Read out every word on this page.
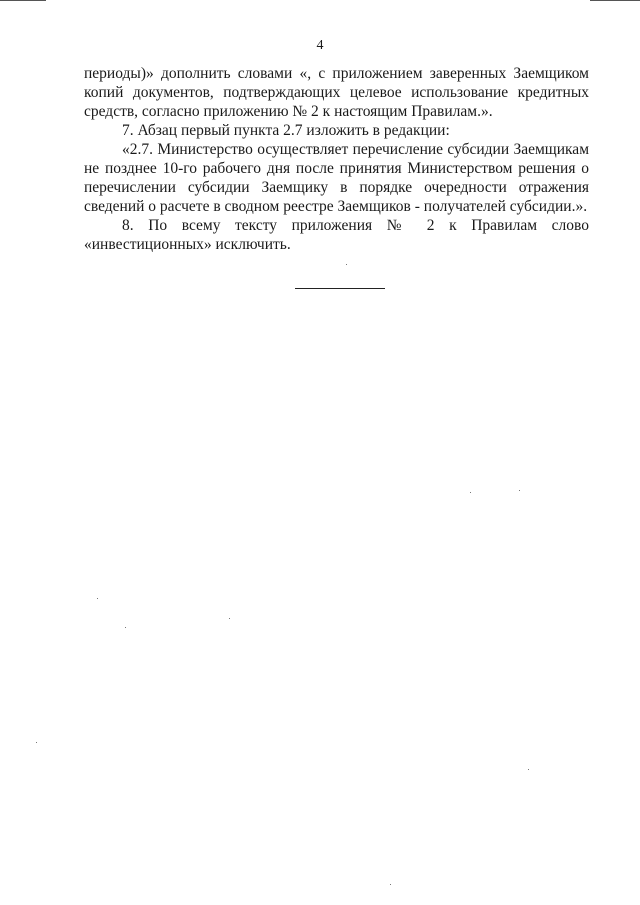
4

периоды)» дополнить словами «, с приложением заверенных Заемщиком копий документов, подтверждающих целевое использование кредитных средств, согласно приложению № 2 к настоящим Правилам.».

7. Абзац первый пункта 2.7 изложить в редакции:

«2.7. Министерство осуществляет перечисление субсидии Заемщикам не позднее 10-го рабочего дня после принятия Министерством решения о перечислении субсидии Заемщику в порядке очередности отражения сведений о расчете в сводном реестре Заемщиков - получателей субсидии.».

8. По всему тексту приложения № 2 к Правилам слово «инвестиционных» исключить.
